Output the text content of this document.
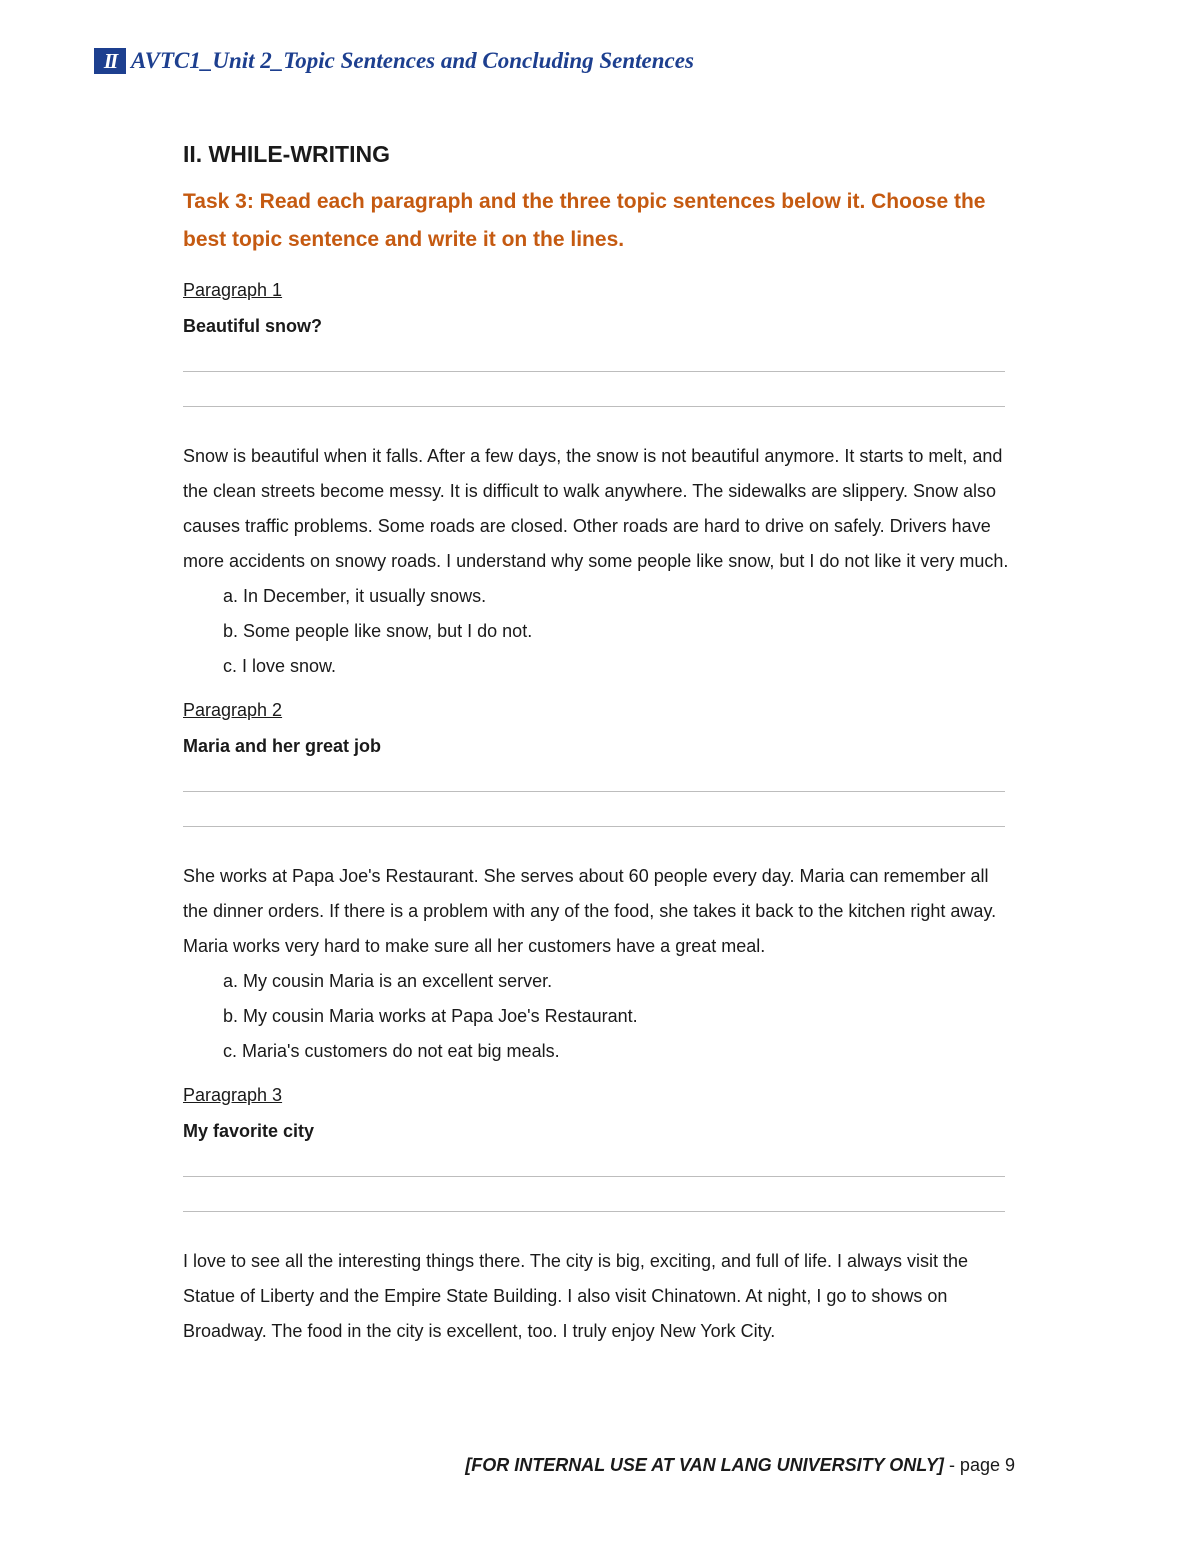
II AVTC1_Unit 2_Topic Sentences and Concluding Sentences
II. WHILE-WRITING

Task 3: Read each paragraph and the three topic sentences below it. Choose the best topic sentence and write it on the lines.

Paragraph 1

Beautiful snow?

Snow is beautiful when it falls. After a few days, the snow is not beautiful anymore. It starts to melt, and the clean streets become messy. It is difficult to walk anywhere. The sidewalks are slippery. Snow also causes traffic problems. Some roads are closed. Other roads are hard to drive on safely. Drivers have more accidents on snowy roads. I understand why some people like snow, but I do not like it very much.

a. In December, it usually snows.
b. Some people like snow, but I do not.
c. I love snow.

Paragraph 2

Maria and her great job

She works at Papa Joe's Restaurant. She serves about 60 people every day. Maria can remember all the dinner orders. If there is a problem with any of the food, she takes it back to the kitchen right away. Maria works very hard to make sure all her customers have a great meal.

a. My cousin Maria is an excellent server.
b. My cousin Maria works at Papa Joe's Restaurant.
c. Maria's customers do not eat big meals.

Paragraph 3

My favorite city

I love to see all the interesting things there. The city is big, exciting, and full of life. I always visit the Statue of Liberty and the Empire State Building. I also visit Chinatown. At night, I go to shows on Broadway. The food in the city is excellent, too. I truly enjoy New York City.

[FOR INTERNAL USE AT VAN LANG UNIVERSITY ONLY] - page 9
